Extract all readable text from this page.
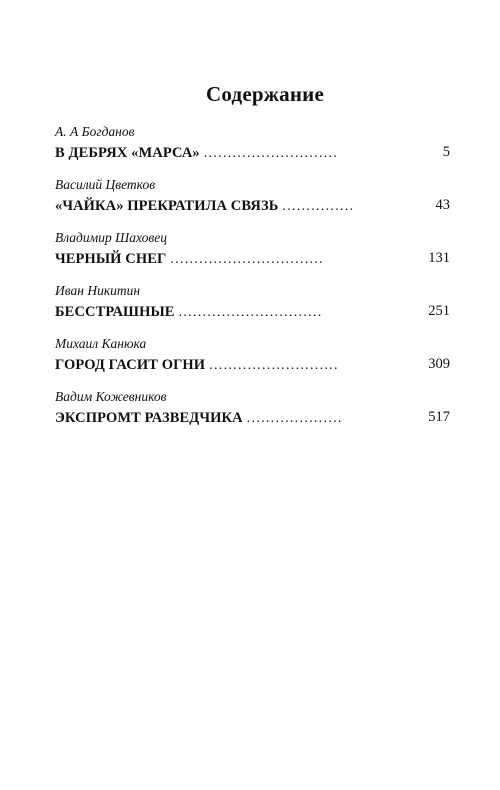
Содержание
А. А Богданов
В ДЕБРЯХ «МАРСА» ............................	5
Василий Цветков
«ЧАЙКА» ПРЕКРАТИЛА СВЯЗЬ ...............	43
Владимир Шаховец
ЧЕРНЫЙ СНЕГ ................................	131
Иван Никитин
БЕССТРАШНЫЕ ..............................	251
Михаил Канюка
ГОРОД ГАСИТ ОГНИ ...........................	309
Вадим Кожевников
ЭКСПРОМТ РАЗВЕДЧИКА ....................	517
